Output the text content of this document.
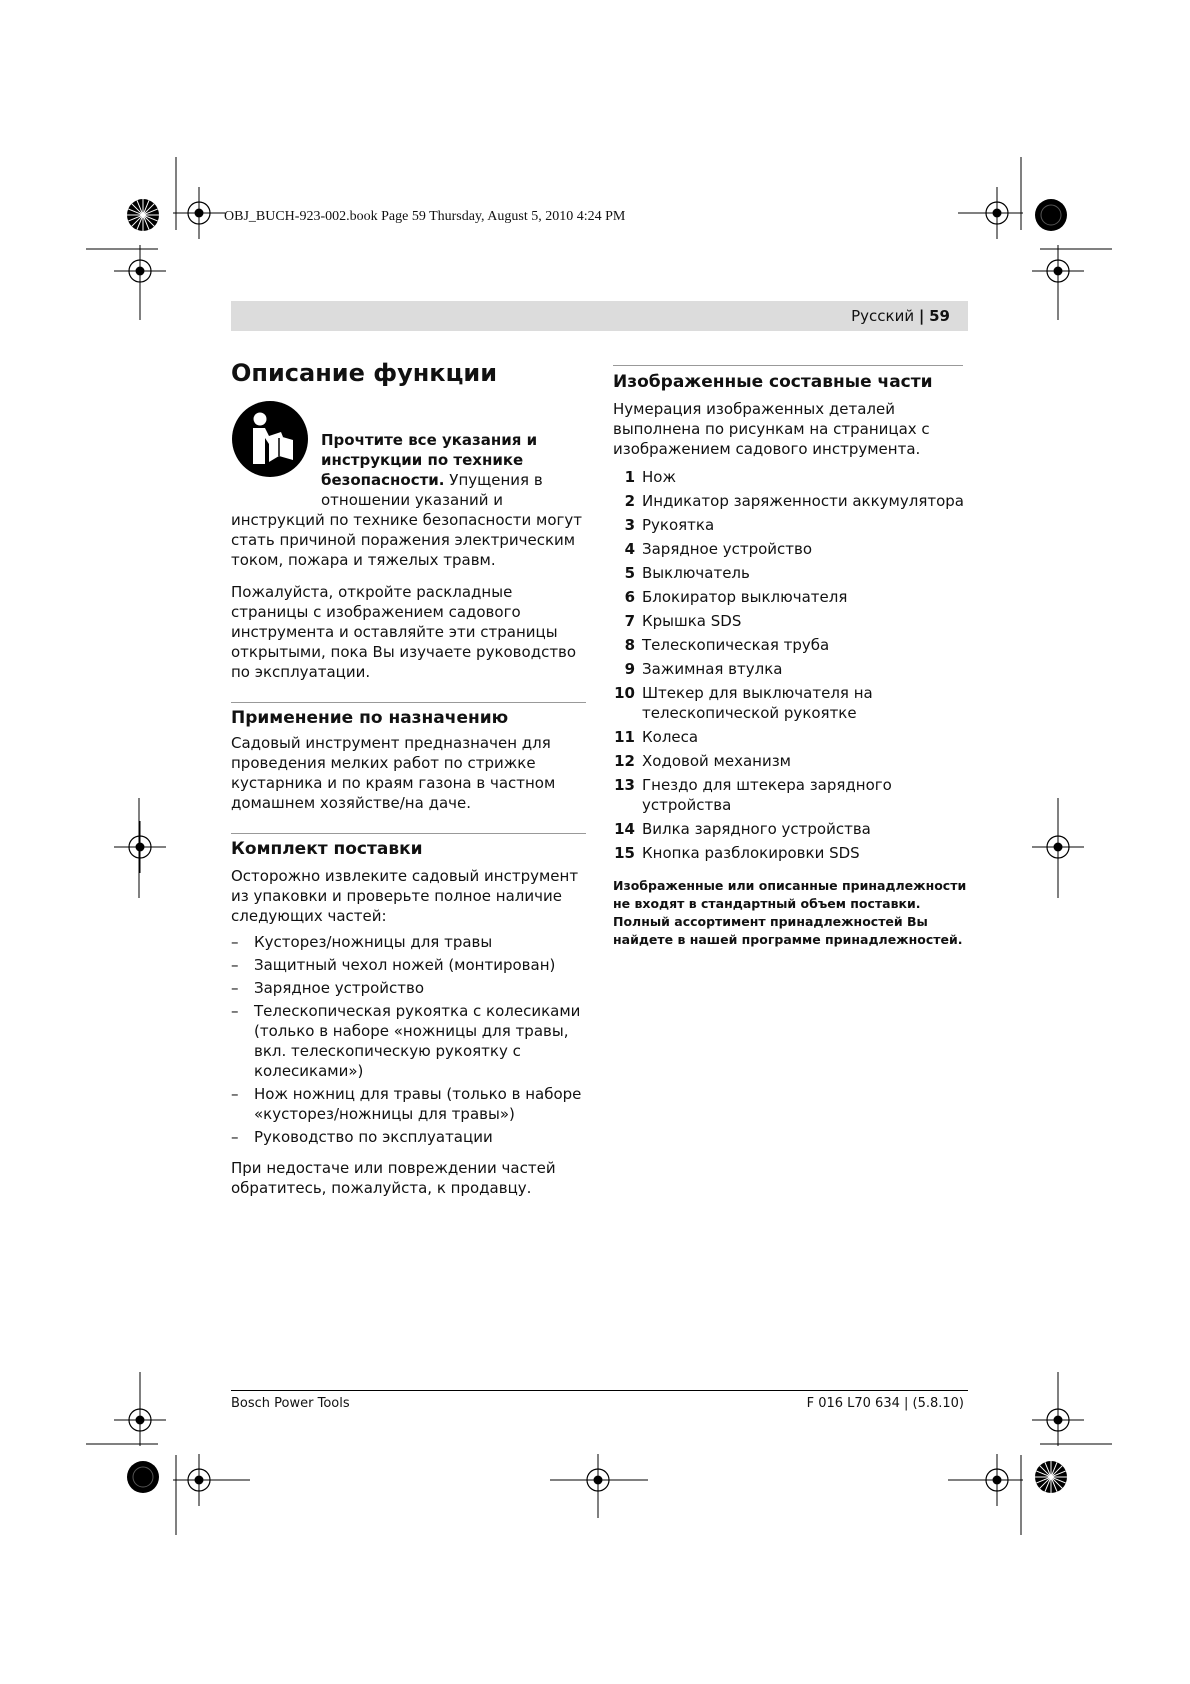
OBJ_BUCH-923-002.book Page 59 Thursday, August 5, 2010 4:24 PM
Русский | 59
Описание функции

Прочтите все указания и инструкции по технике безопасности. Упущения в отношении указаний и инструкций по технике безопасности могут стать причиной поражения электрическим током, пожара и тяжелых травм.

Пожалуйста, откройте раскладные страницы с изображением садового инструмента и оставляйте эти страницы открытыми, пока Вы изучаете руководство по эксплуатации.

Применение по назначению

Садовый инструмент предназначен для проведения мелких работ по стрижке кустарника и по краям газона в частном домашнем хозяйстве/на даче.

Комплект поставки

Осторожно извлеките садовый инструмент из упаковки и проверьте полное наличие следующих частей:

– Кусторез/ножницы для травы
– Защитный чехол ножей (монтирован)
– Зарядное устройство
– Телескопическая рукоятка с колесиками (только в наборе «ножницы для травы, вкл. телескопическую рукоятку с колесиками»)
– Нож ножниц для травы (только в наборе «кусторез/ножницы для травы»)
– Руководство по эксплуатации

При недостаче или повреждении частей обратитесь, пожалуйста, к продавцу.

Изображенные составные части

Нумерация изображенных деталей выполнена по рисункам на страницах с изображением садового инструмента.

1 Нож
2 Индикатор заряженности аккумулятора
3 Рукоятка
4 Зарядное устройство
5 Выключатель
6 Блокиратор выключателя
7 Крышка SDS
8 Телескопическая труба
9 Зажимная втулка
10 Штекер для выключателя на телескопической рукоятке
11 Колеса
12 Ходовой механизм
13 Гнездо для штекера зарядного устройства
14 Вилка зарядного устройства
15 Кнопка разблокировки SDS

Изображенные или описанные принадлежности не входят в стандартный объем поставки. Полный ассортимент принадлежностей Вы найдете в нашей программе принадлежностей.

Bosch Power Tools	F 016 L70 634 | (5.8.10)
